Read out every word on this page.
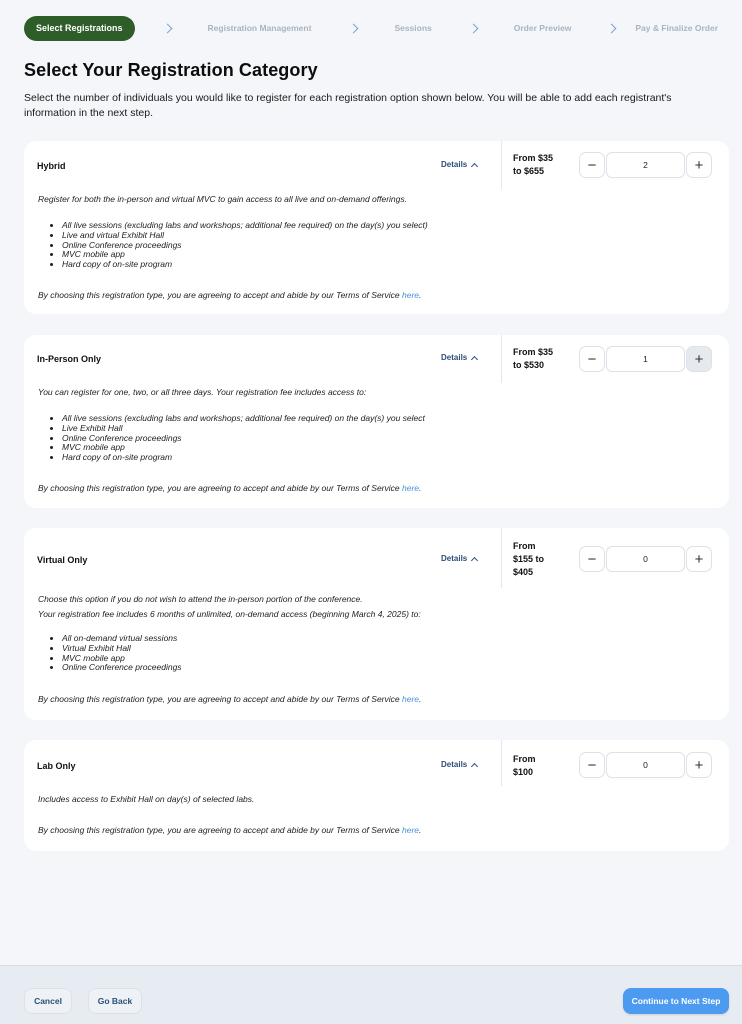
Select Registrations	Registration Management	Sessions	Order Preview	Pay & Finalize Order
Select Your Registration Category
Select the number of individuals you would like to register for each registration option shown below. You will be able to add each registrant's information in the next step.
Hybrid	Details
From $35 to $655	−	2	+

Register for both the in-person and virtual MVC to gain access to all live and on-demand offerings.

• All live sessions (excluding labs and workshops; additional fee required) on the day(s) you select)
• Live and virtual Exhibit Hall
• Online Conference proceedings
• MVC mobile app
• Hard copy of on-site program

By choosing this registration type, you are agreeing to accept and abide by our Terms of Service here.

In-Person Only	Details
From $35 to $530	−	1	+

You can register for one, two, or all three days. Your registration fee includes access to:

• All live sessions (excluding labs and workshops; additional fee required) on the day(s) you select
• Live Exhibit Hall
• Online Conference proceedings
• MVC mobile app
• Hard copy of on-site program

By choosing this registration type, you are agreeing to accept and abide by our Terms of Service here.

Virtual Only	Details
From $155 to $405
−	0	+

Choose this option if you do not wish to attend the in-person portion of the conference.

Your registration fee includes 6 months of unlimited, on-demand access (beginning March 4, 2025) to:

• All on-demand virtual sessions
• Virtual Exhibit Hall
• MVC mobile app
• Online Conference proceedings

By choosing this registration type, you are agreeing to accept and abide by our Terms of Service here.

Lab Only	Details
From $100	−	0	+

Includes access to Exhibit Hall on day(s) of selected labs.

By choosing this registration type, you are agreeing to accept and abide by our Terms of Service here.

Cancel	Go Back	Continue to Next Step
